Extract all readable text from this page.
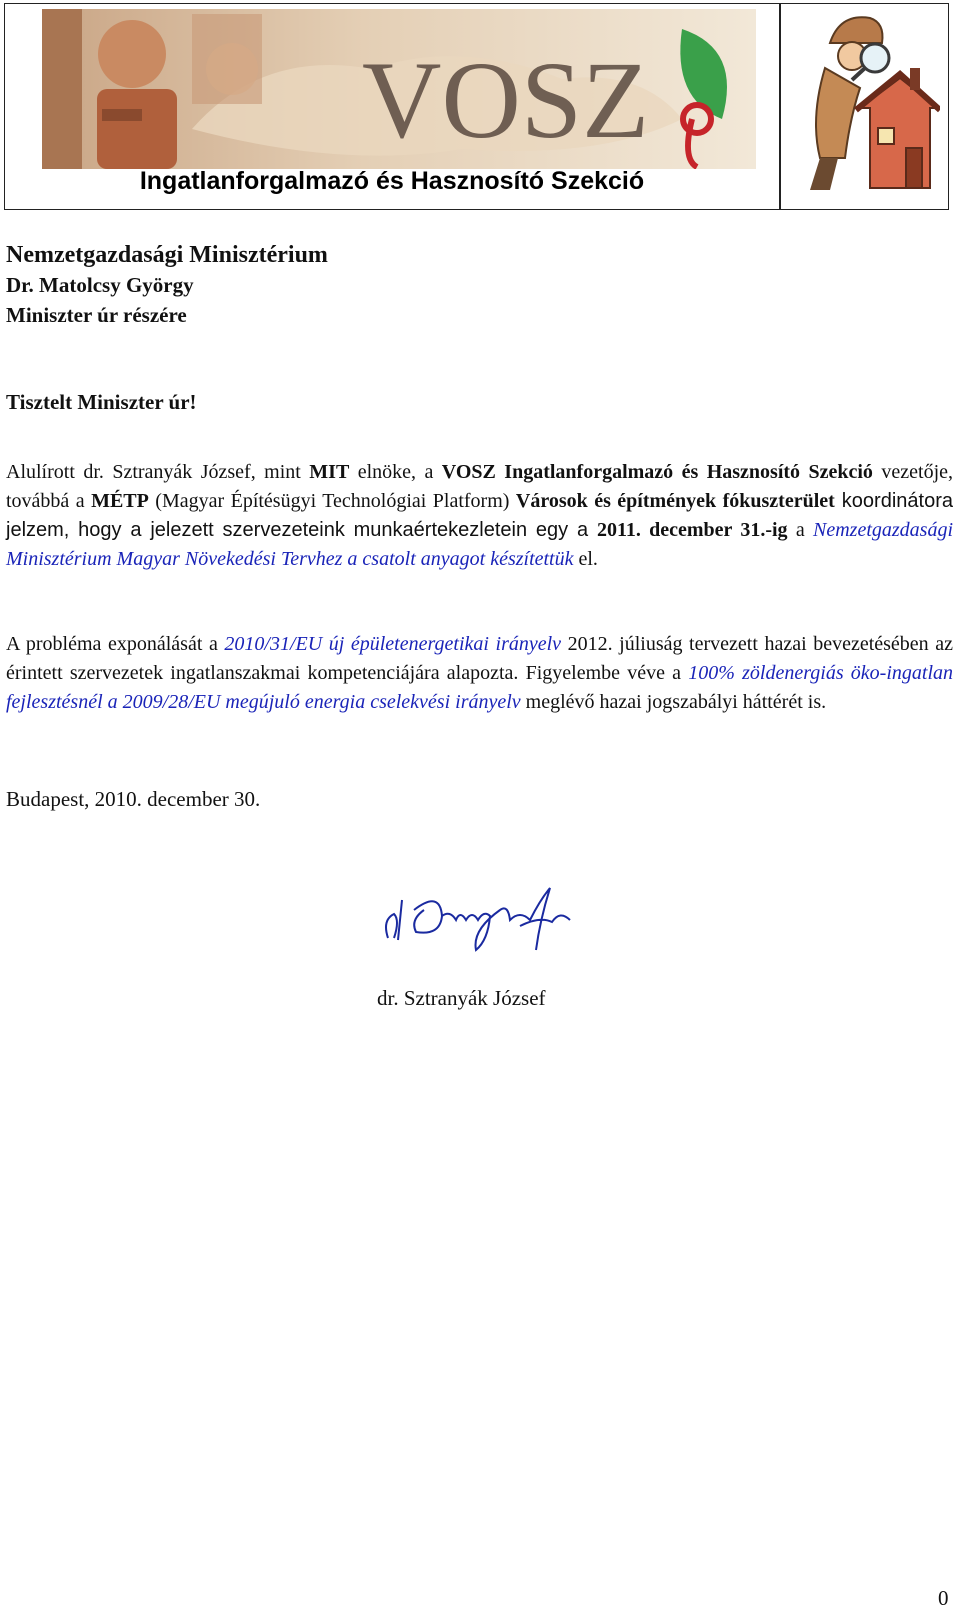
VOSZ
Ingatlanforgalmazó és Hasznosító Szekció
Nemzetgazdasági Minisztérium
Dr. Matolcsy György
Miniszter úr részére
Tisztelt Miniszter úr!
Alulírott dr. Sztranyák József, mint MIT elnöke, a VOSZ Ingatlanforgalmazó és Hasznosító Szekció vezetője, továbbá a MÉTP (Magyar Építésügyi Technológiai Platform) Városok és építmények fókuszterület koordinátora jelzem, hogy a jelezett szervezeteink munkaértekezletein egy a 2011. december 31.-ig a Nemzetgazdasági Minisztérium Magyar Növekedési Tervhez a csatolt anyagot készítettük el.
A probléma exponálását a 2010/31/EU új épületenergetikai irányelv 2012. júliuság tervezett hazai bevezetésében az érintett szervezetek ingatlanszakmai kompetenciájára alapozta. Figyelembe véve a 100% zöldenergiás öko-ingatlan fejlesztésnél a 2009/28/EU megújuló energia cselekvési irányelv meglévő hazai jogszabályi háttérét is.
Budapest, 2010. december 30.
dr. Sztranyák József
0
